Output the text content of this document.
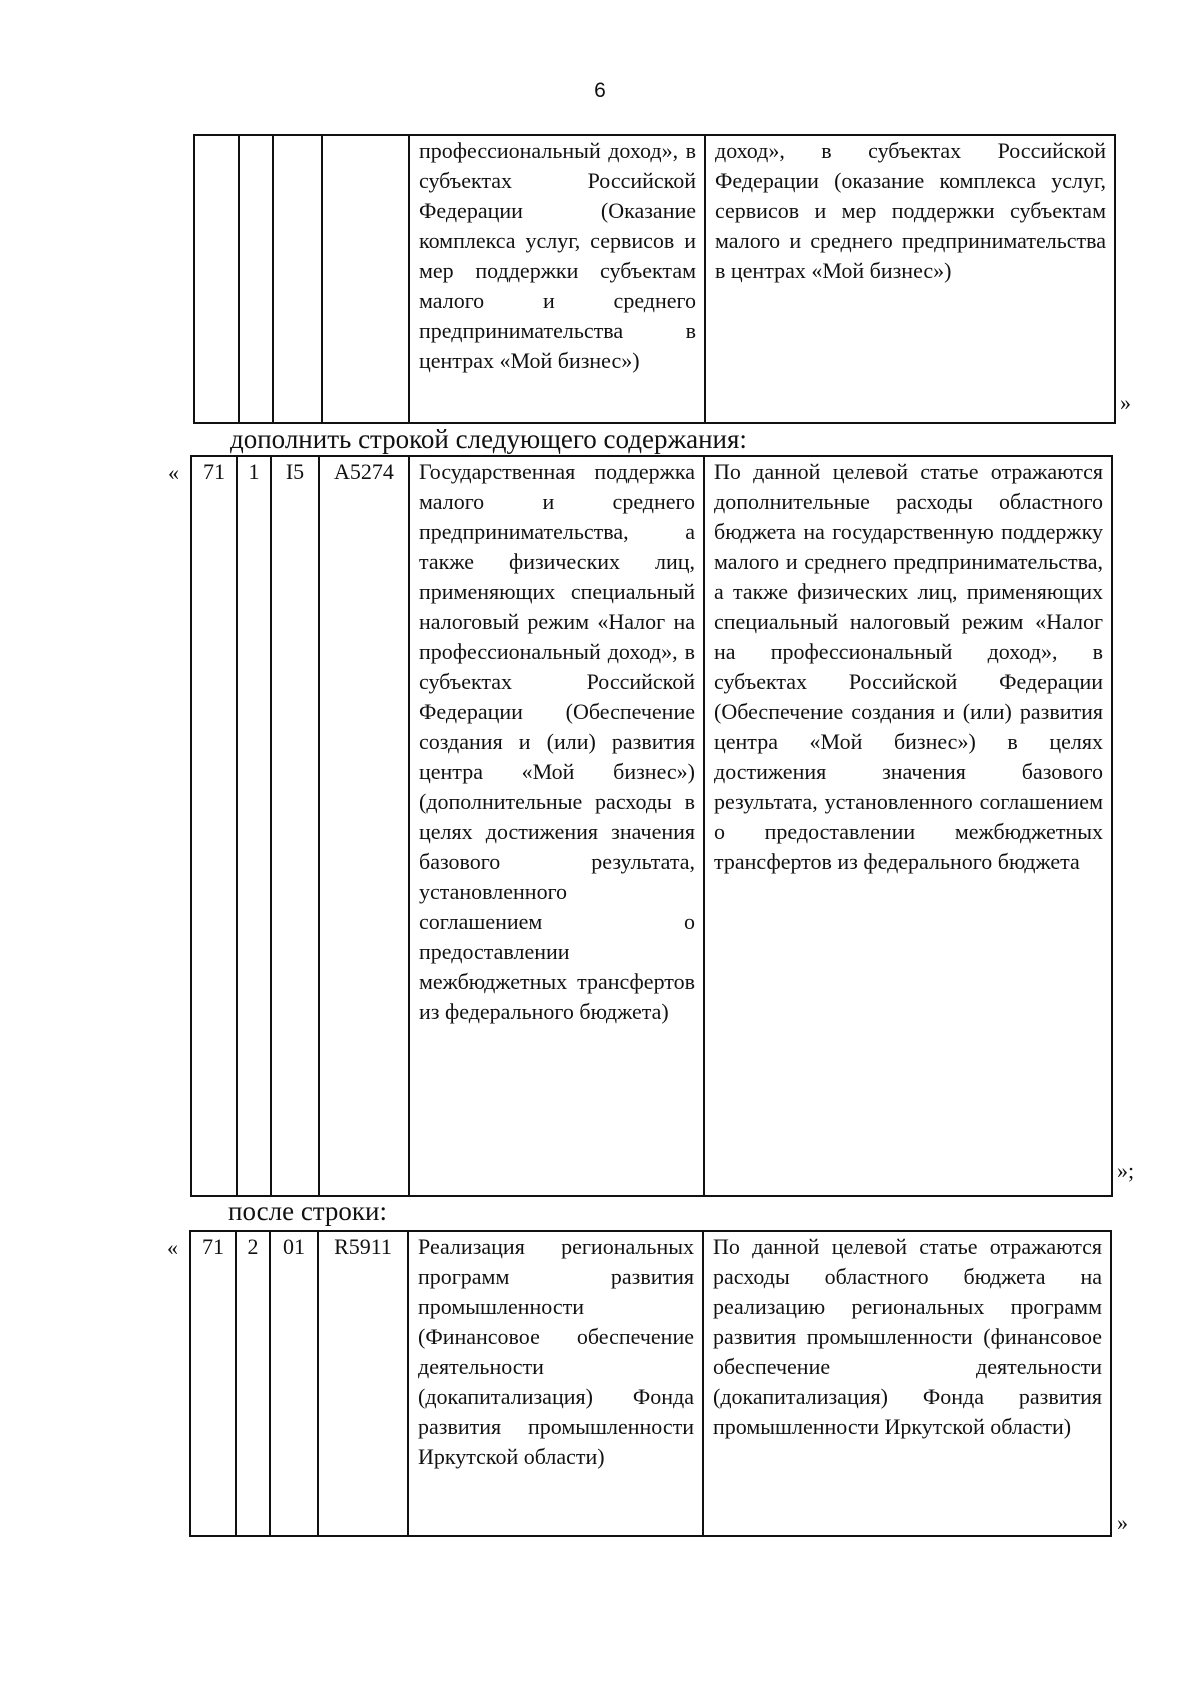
6
				профессиональный доход», в субъектах Российской Федерации (Оказание комплекса услуг, сервисов и мер поддержки субъектам малого и среднего предпринимательства в центрах «Мой бизнес»)	доход», в субъектах Российской Федерации (оказание комплекса услуг, сервисов и мер поддержки субъектам малого и среднего предпринимательства в центрах «Мой бизнес»)
»
дополнить строкой следующего содержания:
« 71	1	I5	A5274	Государственная поддержка малого и среднего предпринимательства, а также физических лиц, применяющих специальный налоговый режим «Налог на профессиональный доход», в субъектах Российской Федерации (Обеспечение создания и (или) развития центра «Мой бизнес») (дополнительные расходы в целях достижения значения базового результата, установленного соглашением о предоставлении межбюджетных трансфертов из федерального бюджета)	По данной целевой статье отражаются дополнительные расходы областного бюджета на государственную поддержку малого и среднего предпринимательства, а также физических лиц, применяющих специальный налоговый режим «Налог на профессиональный доход», в субъектах Российской Федерации (Обеспечение создания и (или) развития центра «Мой бизнес») в целях достижения значения базового результата, установленного соглашением о предоставлении межбюджетных трансфертов из федерального бюджета
»;
после строки:
« 71	2	01	R5911	Реализация региональных программ развития промышленности (Финансовое обеспечение деятельности (докапитализация) Фонда развития промышленности Иркутской области)	По данной целевой статье отражаются расходы областного бюджета на реализацию региональных программ развития промышленности (финансовое обеспечение деятельности (докапитализация) Фонда развития промышленности Иркутской области)
»
